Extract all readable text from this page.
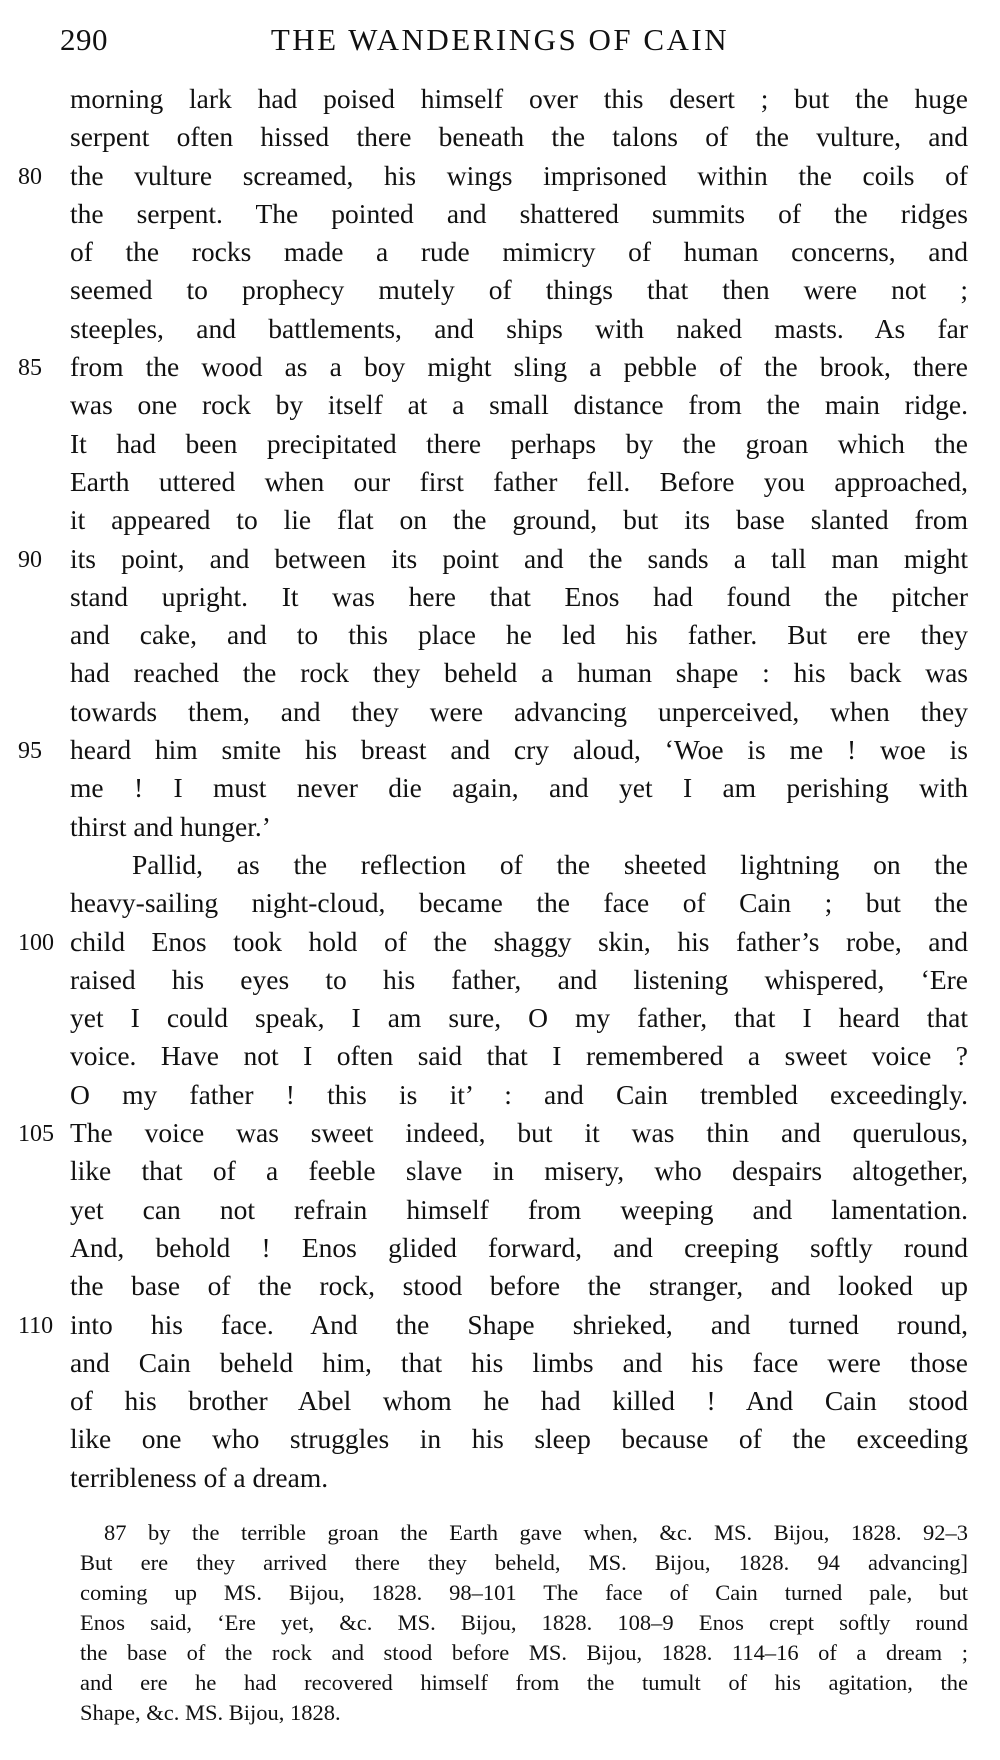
290	THE WANDERINGS OF CAIN
morning lark had poised himself over this desert ; but the huge
serpent often hissed there beneath the talons of the vulture, and
80	the vulture screamed, his wings imprisoned within the coils of
the serpent. The pointed and shattered summits of the ridges
of the rocks made a rude mimicry of human concerns, and
seemed to prophecy mutely of things that then were not ;
steeples, and battlements, and ships with naked masts. As far
85	from the wood as a boy might sling a pebble of the brook, there
was one rock by itself at a small distance from the main ridge.
It had been precipitated there perhaps by the groan which the
Earth uttered when our first father fell. Before you approached,
it appeared to lie flat on the ground, but its base slanted from
90	its point, and between its point and the sands a tall man might
stand upright. It was here that Enos had found the pitcher
and cake, and to this place he led his father. But ere they
had reached the rock they beheld a human shape : his back was
towards them, and they were advancing unperceived, when they
95	heard him smite his breast and cry aloud, ‘Woe is me ! woe is
me ! I must never die again, and yet I am perishing with
thirst and hunger.’
Pallid, as the reflection of the sheeted lightning on the
heavy-sailing night-cloud, became the face of Cain ; but the
100 child Enos took hold of the shaggy skin, his father’s robe, and
raised his eyes to his father, and listening whispered, ‘Ere
yet I could speak, I am sure, O my father, that I heard that
voice. Have not I often said that I remembered a sweet voice ?
O my father ! this is it’ : and Cain trembled exceedingly.
105 The voice was sweet indeed, but it was thin and querulous,
like that of a feeble slave in misery, who despairs altogether,
yet can not refrain himself from weeping and lamentation.
And, behold ! Enos glided forward, and creeping softly round
the base of the rock, stood before the stranger, and looked up
110 into his face. And the Shape shrieked, and turned round,
and Cain beheld him, that his limbs and his face were those
of his brother Abel whom he had killed ! And Cain stood
like one who struggles in his sleep because of the exceeding
terribleness of a dream.
87 by the terrible groan the Earth gave when, &c. MS. Bijou, 1828. 92–3
But ere they arrived there they beheld, MS. Bijou, 1828. 94 advancing]
coming up MS. Bijou, 1828. 98–101 The face of Cain turned pale, but
Enos said, ‘Ere yet, &c. MS. Bijou, 1828. 108–9 Enos crept softly round
the base of the rock and stood before MS. Bijou, 1828. 114–16 of a dream ;
and ere he had recovered himself from the tumult of his agitation, the
Shape, &c. MS. Bijou, 1828.
